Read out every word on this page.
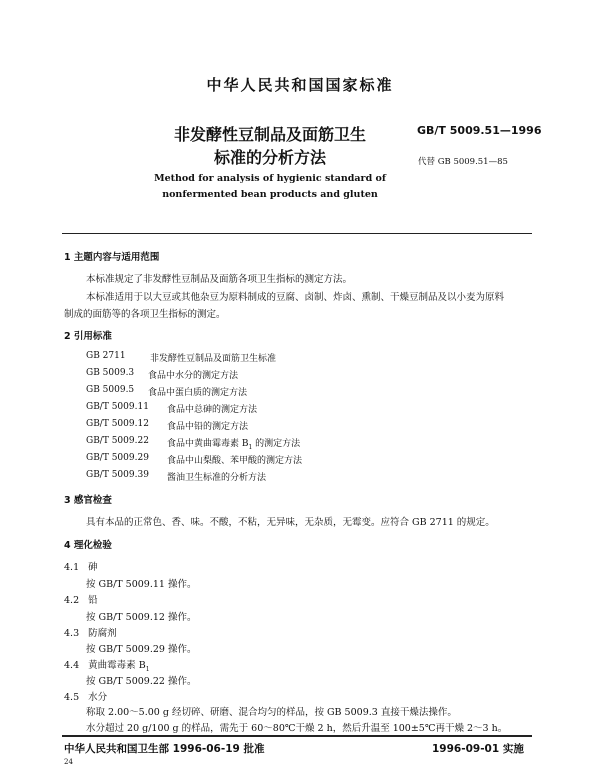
中华人民共和国国家标准
非发酵性豆制品及面筋卫生
标准的分析方法
GB/T 5009.51—1996
代替 GB 5009.51—85
Method for analysis of hygienic standard of
nonfermented bean products and gluten
1 主题内容与适用范围
本标准规定了非发酵性豆制品及面筋各项卫生指标的测定方法。
本标准适用于以大豆或其他杂豆为原料制成的豆腐、卤制、炸卤、熏制、干燥豆制品及以小麦为原料
制成的面筋等的各项卫生指标的测定。
2 引用标准
GB 2711	非发酵性豆制品及面筋卫生标准
GB 5009.3 食品中水分的测定方法
GB 5009.5 食品中蛋白质的测定方法
GB/T 5009.11 食品中总砷的测定方法
GB/T 5009.12 食品中铅的测定方法
GB/T 5009.22 食品中黄曲霉毒素 $B_1$ 的测定方法
GB/T 5009.29 食品中山梨酸、苯甲酸的测定方法
GB/T 5009.39 酱油卫生标准的分析方法
3 感官检查
具有本品的正常色、香、味。不酸，不粘，无异味，无杂质，无霉变。应符合 GB 2711 的规定。
4 理化检验
4.1 砷
按 GB/T 5009.11 操作。
4.2 铅
按 GB/T 5009.12 操作。
4.3 防腐剂
按 GB/T 5009.29 操作。
4.4 黄曲霉毒素 $B_1$
按 GB/T 5009.22 操作。
4.5 水分
称取 2.00～5.00 g 经切碎、研磨、混合均匀的样品，按 GB 5009.3 直接干燥法操作。
水分超过 20 g/100 g 的样品，需先于 60～80℃干燥 2 h，然后升温至 100±5℃再干燥 2～3 h。
中华人民共和国卫生部 1996-06-19 批准	1996-09-01 实施
24
